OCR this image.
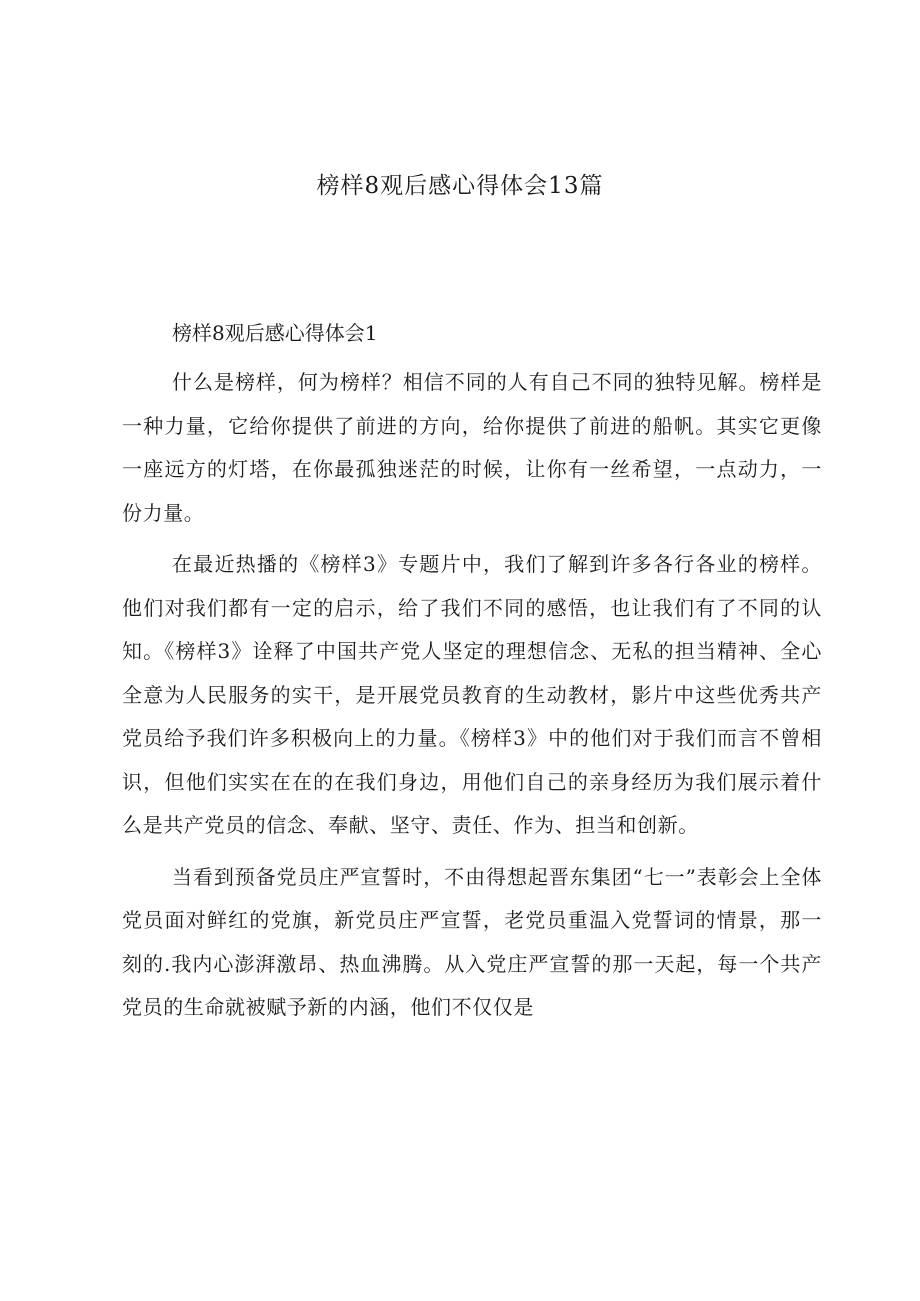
榜样8观后感心得体会13篇
榜样8观后感心得体会1

什么是榜样，何为榜样？相信不同的人有自己不同的独特见解。榜样是一种力量，它给你提供了前进的方向，给你提供了前进的船帆。其实它更像一座远方的灯塔，在你最孤独迷茫的时候，让你有一丝希望，一点动力，一份力量。

在最近热播的《榜样3》专题片中，我们了解到许多各行各业的榜样。他们对我们都有一定的启示，给了我们不同的感悟，也让我们有了不同的认知。《榜样3》诠释了中国共产党人坚定的理想信念、无私的担当精神、全心全意为人民服务的实干，是开展党员教育的生动教材，影片中这些优秀共产党员给予我们许多积极向上的力量。《榜样3》中的他们对于我们而言不曾相识，但他们实实在在的在我们身边，用他们自己的亲身经历为我们展示着什么是共产党员的信念、奉献、坚守、责任、作为、担当和创新。

当看到预备党员庄严宣誓时，不由得想起晋东集团“七一”表彰会上全体党员面对鲜红的党旗，新党员庄严宣誓，老党员重温入党誓词的情景，那一刻的.我内心澎湃激昂、热血沸腾。从入党庄严宣誓的那一天起，每一个共产党员的生命就被赋予新的内涵，他们不仅仅是
